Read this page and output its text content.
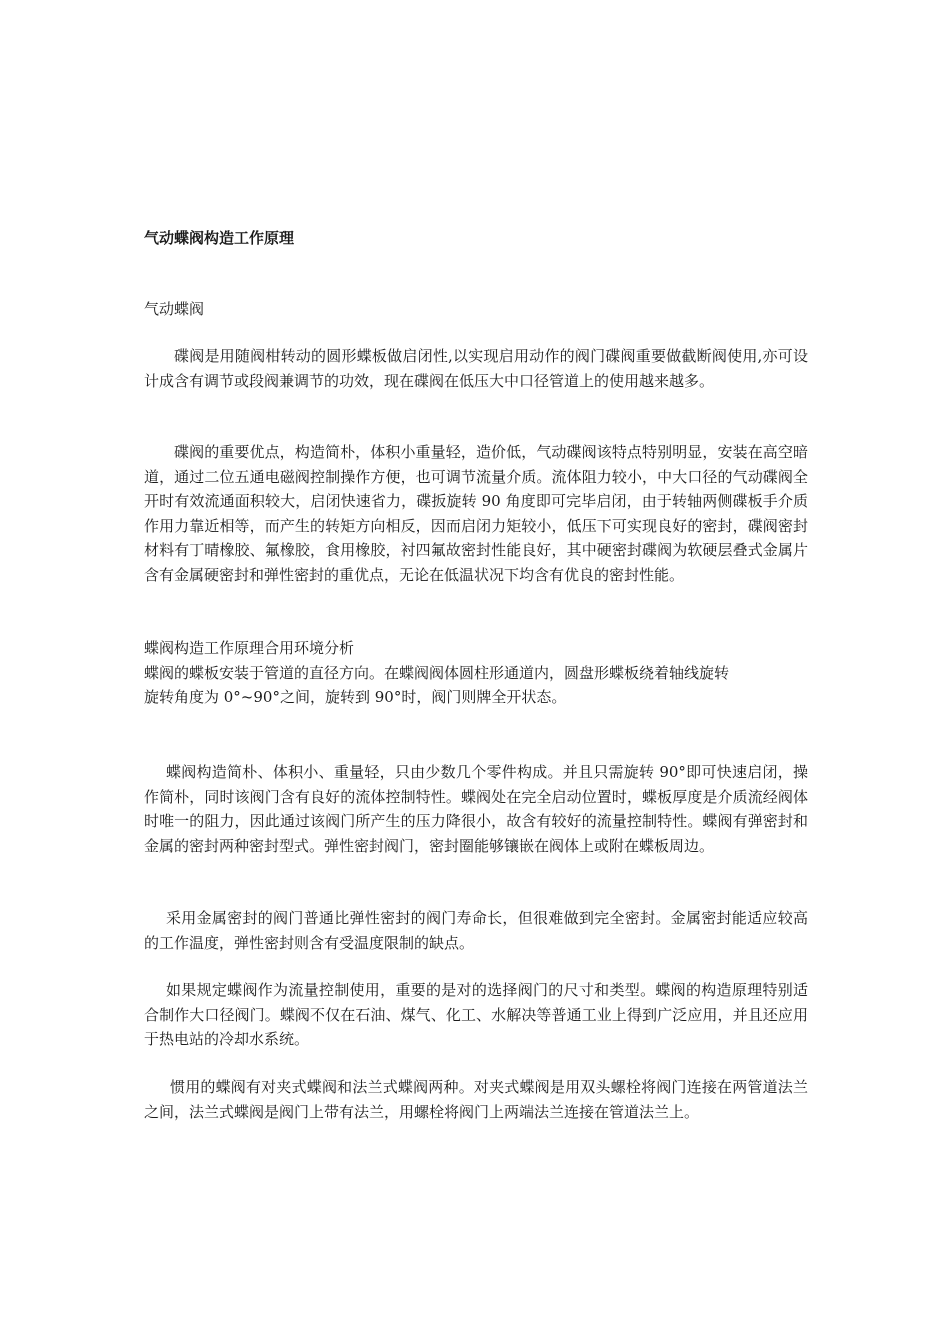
气动蝶阀构造工作原理
气动蝶阀

碟阀是用随阀柑转动的圆形蝶板做启闭性,以实现启用动作的阀门碟阀重要做截断阀使用,亦可设计成含有调节或段阀兼调节的功效，现在碟阀在低压大中口径管道上的使用越来越多。

碟阀的重要优点，构造简朴，体积小重量轻，造价低，气动碟阀该特点特别明显，安装在高空暗道，通过二位五通电磁阀控制操作方便，也可调节流量介质。流体阻力较小，中大口径的气动碟阀全开时有效流通面积较大，启闭快速省力，碟扳旋转 90 角度即可完毕启闭，由于转轴两侧碟板手介质作用力靠近相等，而产生的转矩方向相反，因而启闭力矩较小，低压下可实现良好的密封，碟阀密封材料有丁晴橡胶、氟橡胶，食用橡胶，衬四氟故密封性能良好，其中硬密封碟阀为软硬层叠式金属片含有金属硬密封和弹性密封的重优点，无论在低温状况下均含有优良的密封性能。

蝶阀构造工作原理合用环境分析
蝶阀的蝶板安装于管道的直径方向。在蝶阀阀体圆柱形通道内，圆盘形蝶板绕着轴线旋转
旋转角度为 0°~90°之间，旋转到 90°时，阀门则牌全开状态。

蝶阀构造简朴、体积小、重量轻，只由少数几个零件构成。并且只需旋转 90°即可快速启闭，操作简朴，同时该阀门含有良好的流体控制特性。蝶阀处在完全启动位置时，蝶板厚度是介质流经阀体时唯一的阻力，因此通过该阀门所产生的压力降很小，故含有较好的流量控制特性。蝶阀有弹密封和金属的密封两种密封型式。弹性密封阀门，密封圈能够镶嵌在阀体上或附在蝶板周边。

采用金属密封的阀门普通比弹性密封的阀门寿命长，但很难做到完全密封。金属密封能适应较高的工作温度，弹性密封则含有受温度限制的缺点。

如果规定蝶阀作为流量控制使用，重要的是对的选择阀门的尺寸和类型。蝶阀的构造原理特别适合制作大口径阀门。蝶阀不仅在石油、煤气、化工、水解决等普通工业上得到广泛应用，并且还应用于热电站的冷却水系统。

惯用的蝶阀有对夹式蝶阀和法兰式蝶阀两种。对夹式蝶阀是用双头螺栓将阀门连接在两管道法兰之间，法兰式蝶阀是阀门上带有法兰，用螺栓将阀门上两端法兰连接在管道法兰上。
